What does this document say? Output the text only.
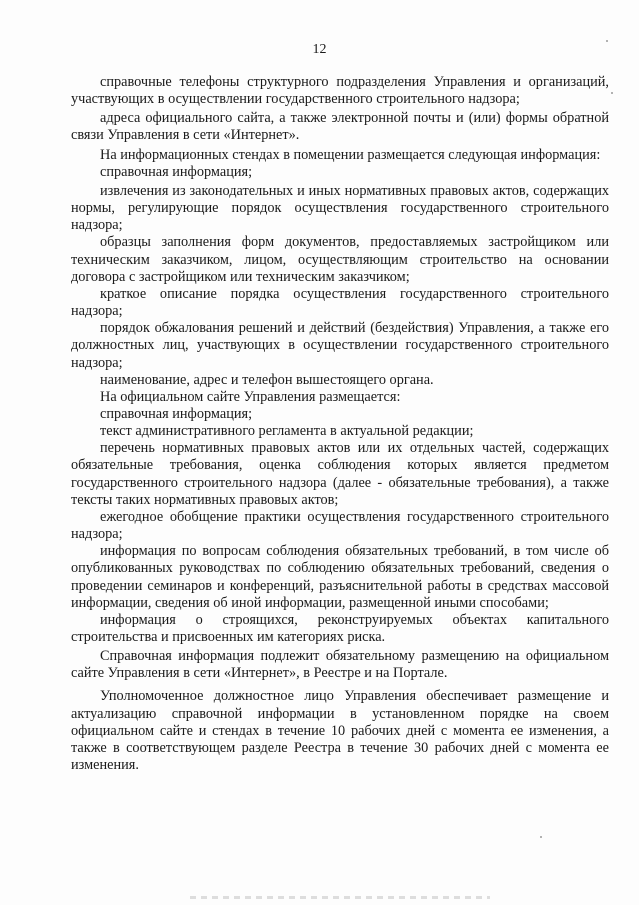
12

справочные телефоны структурного подразделения Управления и организаций, участвующих в осуществлении государственного строительного надзора;

адреса официального сайта, а также электронной почты и (или) формы обратной связи Управления в сети «Интернет».

На информационных стендах в помещении размещается следующая информация:

справочная информация;

извлечения из законодательных и иных нормативных правовых актов, содержащих нормы, регулирующие порядок осуществления государственного строительного надзора;

образцы заполнения форм документов, предоставляемых застройщиком или техническим заказчиком, лицом, осуществляющим строительство на основании договора с застройщиком или техническим заказчиком;

краткое описание порядка осуществления государственного строительного надзора;

порядок обжалования решений и действий (бездействия) Управления, а также его должностных лиц, участвующих в осуществлении государственного строительного надзора;

наименование, адрес и телефон вышестоящего органа.

На официальном сайте Управления размещается:

справочная информация;

текст административного регламента в актуальной редакции;

перечень нормативных правовых актов или их отдельных частей, содержащих обязательные требования, оценка соблюдения которых является предметом государственного строительного надзора (далее - обязательные требования), а также тексты таких нормативных правовых актов;

ежегодное обобщение практики осуществления государственного строительного надзора;

информация по вопросам соблюдения обязательных требований, в том числе об опубликованных руководствах по соблюдению обязательных требований, сведения о проведении семинаров и конференций, разъяснительной работы в средствах массовой информации, сведения об иной информации, размещенной иными способами;

информация о строящихся, реконструируемых объектах капитального строительства и присвоенных им категориях риска.

Справочная информация подлежит обязательному размещению на официальном сайте Управления в сети «Интернет», в Реестре и на Портале.

Уполномоченное должностное лицо Управления обеспечивает размещение и актуализацию справочной информации в установленном порядке на своем официальном сайте и стендах в течение 10 рабочих дней с момента ее изменения, а также в соответствующем разделе Реестра в течение 30 рабочих дней с момента ее изменения.
